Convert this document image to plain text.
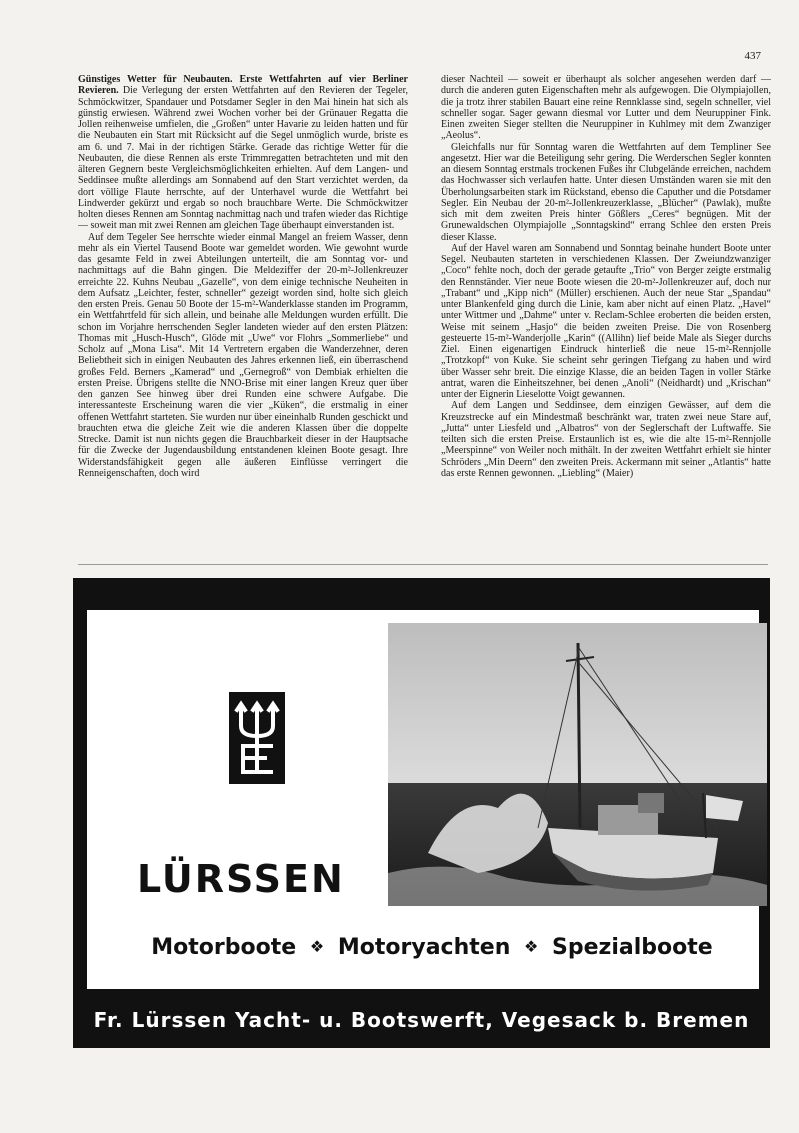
437

Günstiges Wetter für Neubauten. Erste Wettfahrten auf vier Berliner Revieren. Die Verlegung der ersten Wettfahrten auf den Revieren der Tegeler, Schmöckwitzer, Spandauer und Potsdamer Segler in den Mai hinein hat sich als günstig erwiesen. Während zwei Wochen vorher bei der Grünauer Regatta die Jollen reihenweise umfielen, die „Großen“ unter Havarie zu leiden hatten und für die Neubauten ein Start mit Rücksicht auf die Segel unmöglich wurde, briste es am 6. und 7. Mai in der richtigen Stärke. Gerade das richtige Wetter für die Neubauten, die diese Rennen als erste Trimmregatten betrachteten und mit den älteren Gegnern beste Vergleichsmöglichkeiten erhielten. Auf dem Langen- und Seddinsee mußte allerdings am Sonnabend auf den Start verzichtet werden, da dort völlige Flaute herrschte, auf der Unterhavel wurde die Wettfahrt bei Lindwerder gekürzt und ergab so noch brauchbare Werte. Die Schmöckwitzer holten dieses Rennen am Sonntag nachmittag nach und trafen wieder das Richtige — soweit man mit zwei Rennen am gleichen Tage überhaupt einverstanden ist.

Auf dem Tegeler See herrschte wieder einmal Mangel an freiem Wasser, denn mehr als ein Viertel Tausend Boote war gemeldet worden. Wie gewohnt wurde das gesamte Feld in zwei Abteilungen unterteilt, die am Sonntag vor- und nachmittags auf die Bahn gingen. Die Meldeziffer der 20-m²-Jollenkreuzer erreichte 22. Kuhns Neubau „Gazelle“, von dem einige technische Neuheiten in dem Aufsatz „Leichter, fester, schneller“ gezeigt worden sind, holte sich gleich den ersten Preis. Genau 50 Boote der 15-m²-Wanderklasse standen im Programm, ein Wettfahrtfeld für sich allein, und beinahe alle Meldungen wurden erfüllt. Die schon im Vorjahre herrschenden Segler landeten wieder auf den ersten Plätzen: Thomas mit „Husch-Husch“, Glöde mit „Uwe“ vor Flohrs „Sommerliebe“ und Scholz auf „Mona Lisa“. Mit 14 Vertretern ergaben die Wanderzehner, deren Beliebtheit sich in einigen Neubauten des Jahres erkennen ließ, ein überraschend großes Feld. Berners „Kamerad“ und „Gernegroß“ von Dembiak erhielten die ersten Preise. Übrigens stellte die NNO-Brise mit einer langen Kreuz quer über den ganzen See hinweg über drei Runden eine schwere Aufgabe. Die interessanteste Erscheinung waren die vier „Küken“, die erstmalig in einer offenen Wettfahrt starteten. Sie wurden nur über eineinhalb Runden geschickt und brauchten etwa die gleiche Zeit wie die anderen Klassen über die doppelte Strecke. Damit ist nun nichts gegen die Brauchbarkeit dieser in der Hauptsache für die Zwecke der Jugendausbildung entstandenen kleinen Boote gesagt. Ihre Widerstandsfähigkeit gegen alle äußeren Einflüsse verringert die Renneigenschaften, doch wird

dieser Nachteil — soweit er überhaupt als solcher angesehen werden darf — durch die anderen guten Eigenschaften mehr als aufgewogen. Die Olympiajollen, die ja trotz ihrer stabilen Bauart eine reine Rennklasse sind, segeln schneller, viel schneller sogar. Sager gewann diesmal vor Lutter und dem Neuruppiner Fink. Einen zweiten Sieger stellten die Neuruppiner in Kuhlmey mit dem Zwanziger „Aeolus“.

Gleichfalls nur für Sonntag waren die Wettfahrten auf dem Templiner See angesetzt. Hier war die Beteiligung sehr gering. Die Werderschen Segler konnten an diesem Sonntag erstmals trockenen Fußes ihr Clubgelände erreichen, nachdem das Hochwasser sich verlaufen hatte. Unter diesen Umständen waren sie mit den Überholungsarbeiten stark im Rückstand, ebenso die Caputher und die Potsdamer Segler. Ein Neubau der 20-m²-Jollenkreuzerklasse, „Blücher“ (Pawlak), mußte sich mit dem zweiten Preis hinter Gößlers „Ceres“ begnügen. Mit der Grunewaldschen Olympiajolle „Sonntagskind“ errang Schlee den ersten Preis dieser Klasse.

Auf der Havel waren am Sonnabend und Sonntag beinahe hundert Boote unter Segel. Neubauten starteten in verschiedenen Klassen. Der Zweiundzwanziger „Coco“ fehlte noch, doch der gerade getaufte „Trio“ von Berger zeigte erstmalig den Rennständer. Vier neue Boote wiesen die 20-m²-Jollenkreuzer auf, doch nur „Trabant“ und „Kipp nich“ (Müller) erschienen. Auch der neue Star „Spandau“ unter Blankenfeld ging durch die Linie, kam aber nicht auf einen Platz. „Havel“ unter Wittmer und „Dahme“ unter v. Reclam-Schlee eroberten die beiden ersten, Weise mit seinem „Hasjo“ die beiden zweiten Preise. Die von Rosenberg gesteuerte 15-m²-Wanderjolle „Karin“ ((Allihn) lief beide Male als Sieger durchs Ziel. Einen eigenartigen Eindruck hinterließ die neue 15-m²-Rennjolle „Trotzkopf“ von Kuke. Sie scheint sehr geringen Tiefgang zu haben und wird über Wasser sehr breit. Die einzige Klasse, die an beiden Tagen in voller Stärke antrat, waren die Einheitszehner, bei denen „Anoli“ (Neidhardt) und „Krischan“ unter der Eignerin Lieselotte Voigt gewannen.

Auf dem Langen und Seddinsee, dem einzigen Gewässer, auf dem die Kreuzstrecke auf ein Mindestmaß beschränkt war, traten zwei neue Stare auf, „Jutta“ unter Liesfeld und „Albatros“ von der Seglerschaft der Luftwaffe. Sie teilten sich die ersten Preise. Erstaunlich ist es, wie die alte 15-m²-Rennjolle „Meerspinne“ von Weiler noch mithält. In der zweiten Wettfahrt erhielt sie hinter Schröders „Min Deern“ den zweiten Preis. Ackermann mit seiner „Atlantis“ hatte das erste Rennen gewonnen. „Liebling“ (Maier)

LÜRSSEN
Motorboote ❖ Motoryachten ❖ Spezialboote
Fr. Lürssen Yacht- u. Bootswerft, Vegesack b. Bremen
